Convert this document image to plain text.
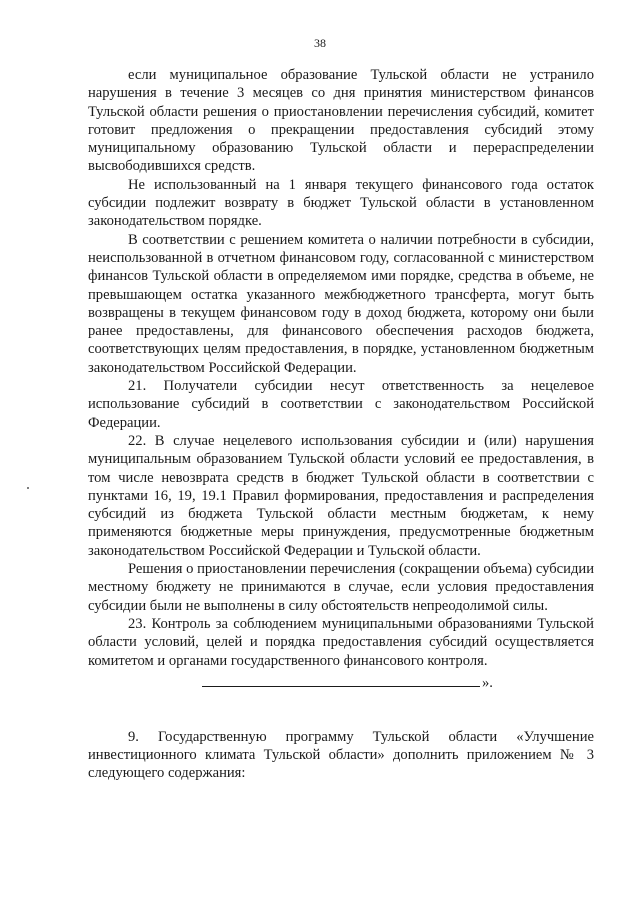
38

если муниципальное образование Тульской области не устранило нарушения в течение 3 месяцев со дня принятия министерством финансов Тульской области решения о приостановлении перечисления субсидий, комитет готовит предложения о прекращении предоставления субсидий этому муниципальному образованию Тульской области и перераспределении высвободившихся средств.

Не использованный на 1 января текущего финансового года остаток субсидии подлежит возврату в бюджет Тульской области в установленном законодательством порядке.

В соответствии с решением комитета о наличии потребности в субсидии, неиспользованной в отчетном финансовом году, согласованной с министерством финансов Тульской области в определяемом ими порядке, средства в объеме, не превышающем остатка указанного межбюджетного трансферта, могут быть возвращены в текущем финансовом году в доход бюджета, которому они были ранее предоставлены, для финансового обеспечения расходов бюджета, соответствующих целям предоставления, в порядке, установленном бюджетным законодательством Российской Федерации.

21. Получатели субсидии несут ответственность за нецелевое использование субсидий в соответствии с законодательством Российской Федерации.

22. В случае нецелевого использования субсидии и (или) нарушения муниципальным образованием Тульской области условий ее предоставления, в том числе невозврата средств в бюджет Тульской области в соответствии с пунктами 16, 19, 19.1 Правил формирования, предоставления и распределения субсидий из бюджета Тульской области местным бюджетам, к нему применяются бюджетные меры принуждения, предусмотренные бюджетным законодательством Российской Федерации и Тульской области.

Решения о приостановлении перечисления (сокращении объема) субсидии местному бюджету не принимаются в случае, если условия предоставления субсидии были не выполнены в силу обстоятельств непреодолимой силы.

23. Контроль за соблюдением муниципальными образованиями Тульской области условий, целей и порядка предоставления субсидий осуществляется комитетом и органами государственного финансового контроля.

».

9. Государственную программу Тульской области «Улучшение инвестиционного климата Тульской области» дополнить приложением № 3 следующего содержания:
